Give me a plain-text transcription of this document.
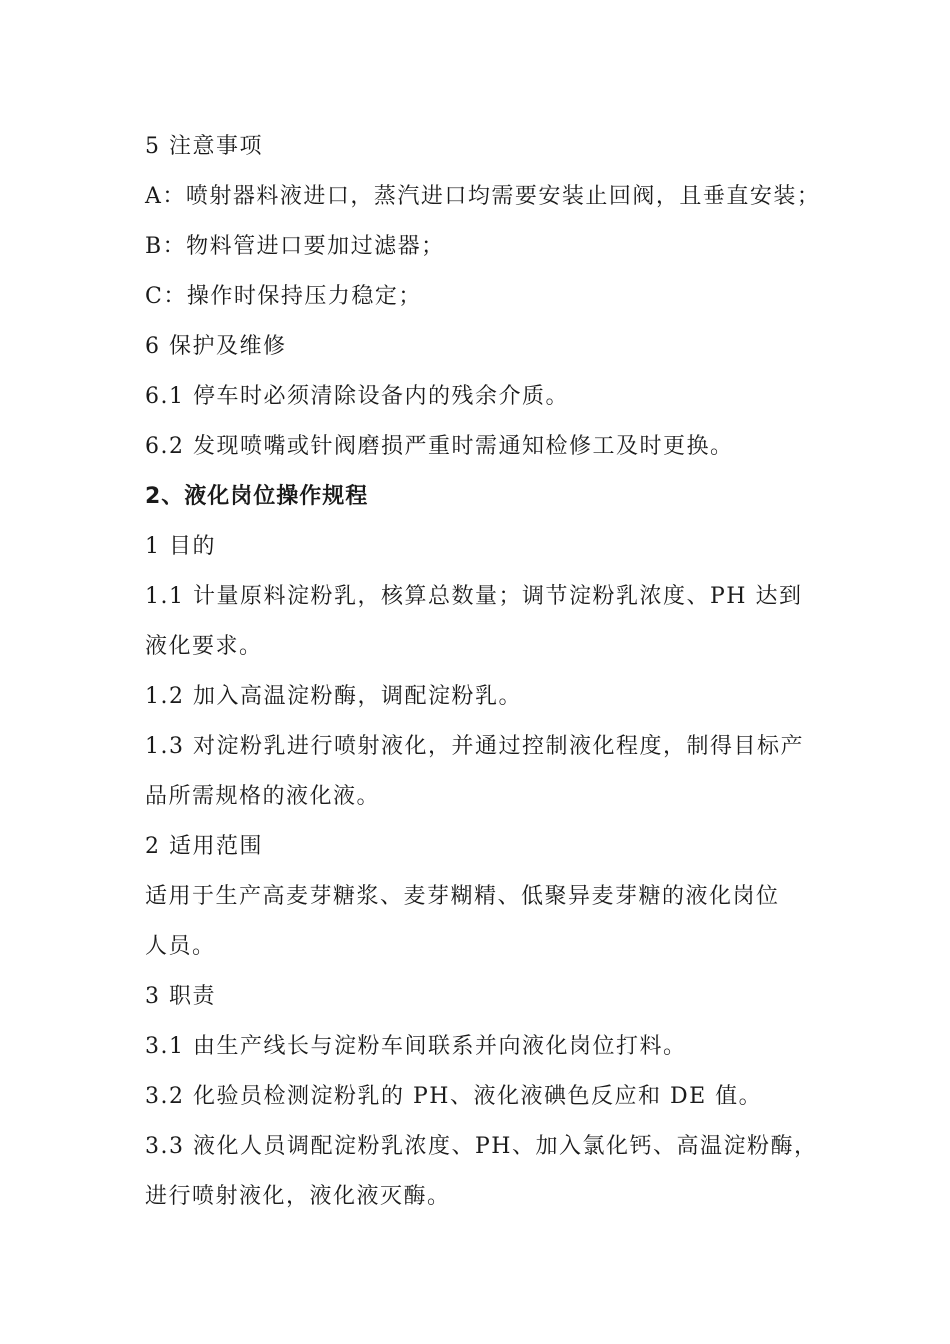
5 注意事项
A：喷射器料液进口，蒸汽进口均需要安装止回阀，且垂直安装；
B：物料管进口要加过滤器；
C：操作时保持压力稳定；
6 保护及维修
6.1 停车时必须清除设备内的残余介质。
6.2 发现喷嘴或针阀磨损严重时需通知检修工及时更换。
2、液化岗位操作规程
1 目的
1.1 计量原料淀粉乳，核算总数量；调节淀粉乳浓度、PH 达到
液化要求。
1.2 加入高温淀粉酶，调配淀粉乳。
1.3 对淀粉乳进行喷射液化，并通过控制液化程度，制得目标产
品所需规格的液化液。
2 适用范围
适用于生产高麦芽糖浆、麦芽糊精、低聚异麦芽糖的液化岗位
人员。
3 职责
3.1 由生产线长与淀粉车间联系并向液化岗位打料。
3.2 化验员检测淀粉乳的 PH、液化液碘色反应和 DE 值。
3.3 液化人员调配淀粉乳浓度、PH、加入氯化钙、高温淀粉酶，
进行喷射液化，液化液灭酶。
